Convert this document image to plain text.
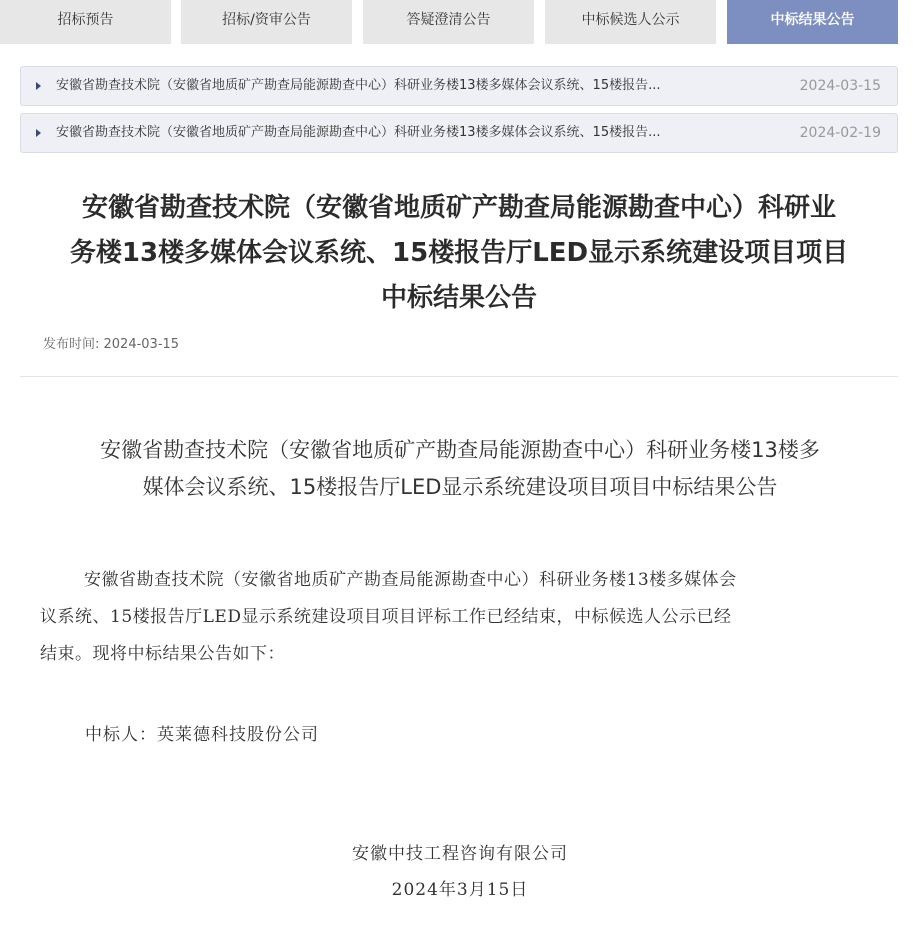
招标预告	招标/资审公告	答疑澄清公告	中标候选人公示	中标结果公告
安徽省勘查技术院（安徽省地质矿产勘查局能源勘查中心）科研业务楼13楼多媒体会议系统、15楼报告...	2024-03-15
安徽省勘查技术院（安徽省地质矿产勘查局能源勘查中心）科研业务楼13楼多媒体会议系统、15楼报告...	2024-02-19
安徽省勘查技术院（安徽省地质矿产勘查局能源勘查中心）科研业
务楼13楼多媒体会议系统、15楼报告厅LED显示系统建设项目项目
中标结果公告
发布时间: 2024-03-15
安徽省勘查技术院（安徽省地质矿产勘查局能源勘查中心）科研业务楼13楼多
媒体会议系统、15楼报告厅LED显示系统建设项目项目中标结果公告
安徽省勘查技术院（安徽省地质矿产勘查局能源勘查中心）科研业务楼13楼多媒体会
议系统、15楼报告厅LED显示系统建设项目项目评标工作已经结束，中标候选人公示已经
结束。现将中标结果公告如下：
中标人：英莱德科技股份公司
安徽中技工程咨询有限公司
2024年3月15日
